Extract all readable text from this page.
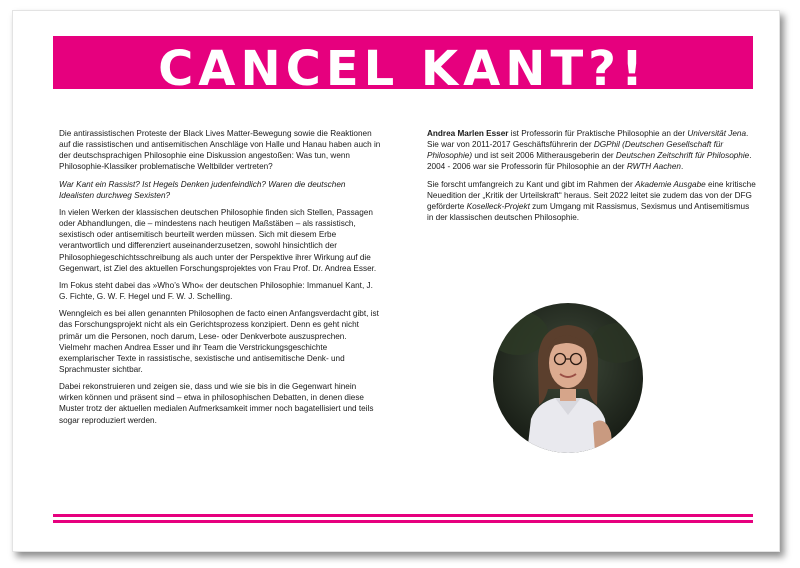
CANCEL KANT?!

Die antirassistischen Proteste der Black Lives Matter-Bewegung sowie die Reaktionen auf die rassistischen und antisemitischen Anschläge von Halle und Hanau haben auch in der deutschsprachigen Philosophie eine Diskussion angestoßen: Was tun, wenn Philosophie-Klassiker problematische Weltbilder vertreten?

War Kant ein Rassist? Ist Hegels Denken judenfeindlich? Waren die deutschen Idealisten durchweg Sexisten?

In vielen Werken der klassischen deutschen Philosophie finden sich Stellen, Passagen oder Abhandlungen, die – mindestens nach heutigen Maßstäben – als rassistisch, sexistisch oder antisemitisch beurteilt werden müssen. Sich mit diesem Erbe verantwortlich und differenziert auseinanderzusetzen, sowohl hinsichtlich der Philosophiegeschichtsschreibung als auch unter der Perspektive ihrer Wirkung auf die Gegenwart, ist Ziel des aktuellen Forschungsprojektes von Frau Prof. Dr. Andrea Esser.

Im Fokus steht dabei das »Who’s Who« der deutschen Philosophie: Immanuel Kant, J. G. Fichte, G. W. F. Hegel und F. W. J. Schelling.

Wenngleich es bei allen genannten Philosophen de facto einen Anfangsverdacht gibt, ist das Forschungsprojekt nicht als ein Gerichtsprozess konzipiert. Denn es geht nicht primär um die Personen, noch darum, Lese- oder Denkverbote auszusprechen. Vielmehr machen Andrea Esser und ihr Team die Verstrickungsgeschichte exemplarischer Texte in rassistische, sexistische und antisemitische Denk- und Sprachmuster sichtbar.

Dabei rekonstruieren und zeigen sie, dass und wie sie bis in die Gegenwart hinein wirken können und präsent sind – etwa in philosophischen Debatten, in denen diese Muster trotz der aktuellen medialen Aufmerksamkeit immer noch bagatellisiert und teils sogar reproduziert werden.

Andrea Marlen Esser ist Professorin für Praktische Philosophie an der Universität Jena. Sie war von 2011-2017 Geschäftsführerin der DGPhil (Deutschen Gesellschaft für Philosophie) und ist seit 2006 Mitherausgeberin der Deutschen Zeitschrift für Philosophie. 2004 - 2006 war sie Professorin für Philosophie an der RWTH Aachen.

Sie forscht umfangreich zu Kant und gibt im Rahmen der Akademie Ausgabe eine kritische Neuedition der „Kritik der Urteilskraft“ heraus. Seit 2022 leitet sie zudem das von der DFG geförderte Koselleck-Projekt zum Umgang mit Rassismus, Sexismus und Antisemitismus in der klassischen deutschen Philosophie.
